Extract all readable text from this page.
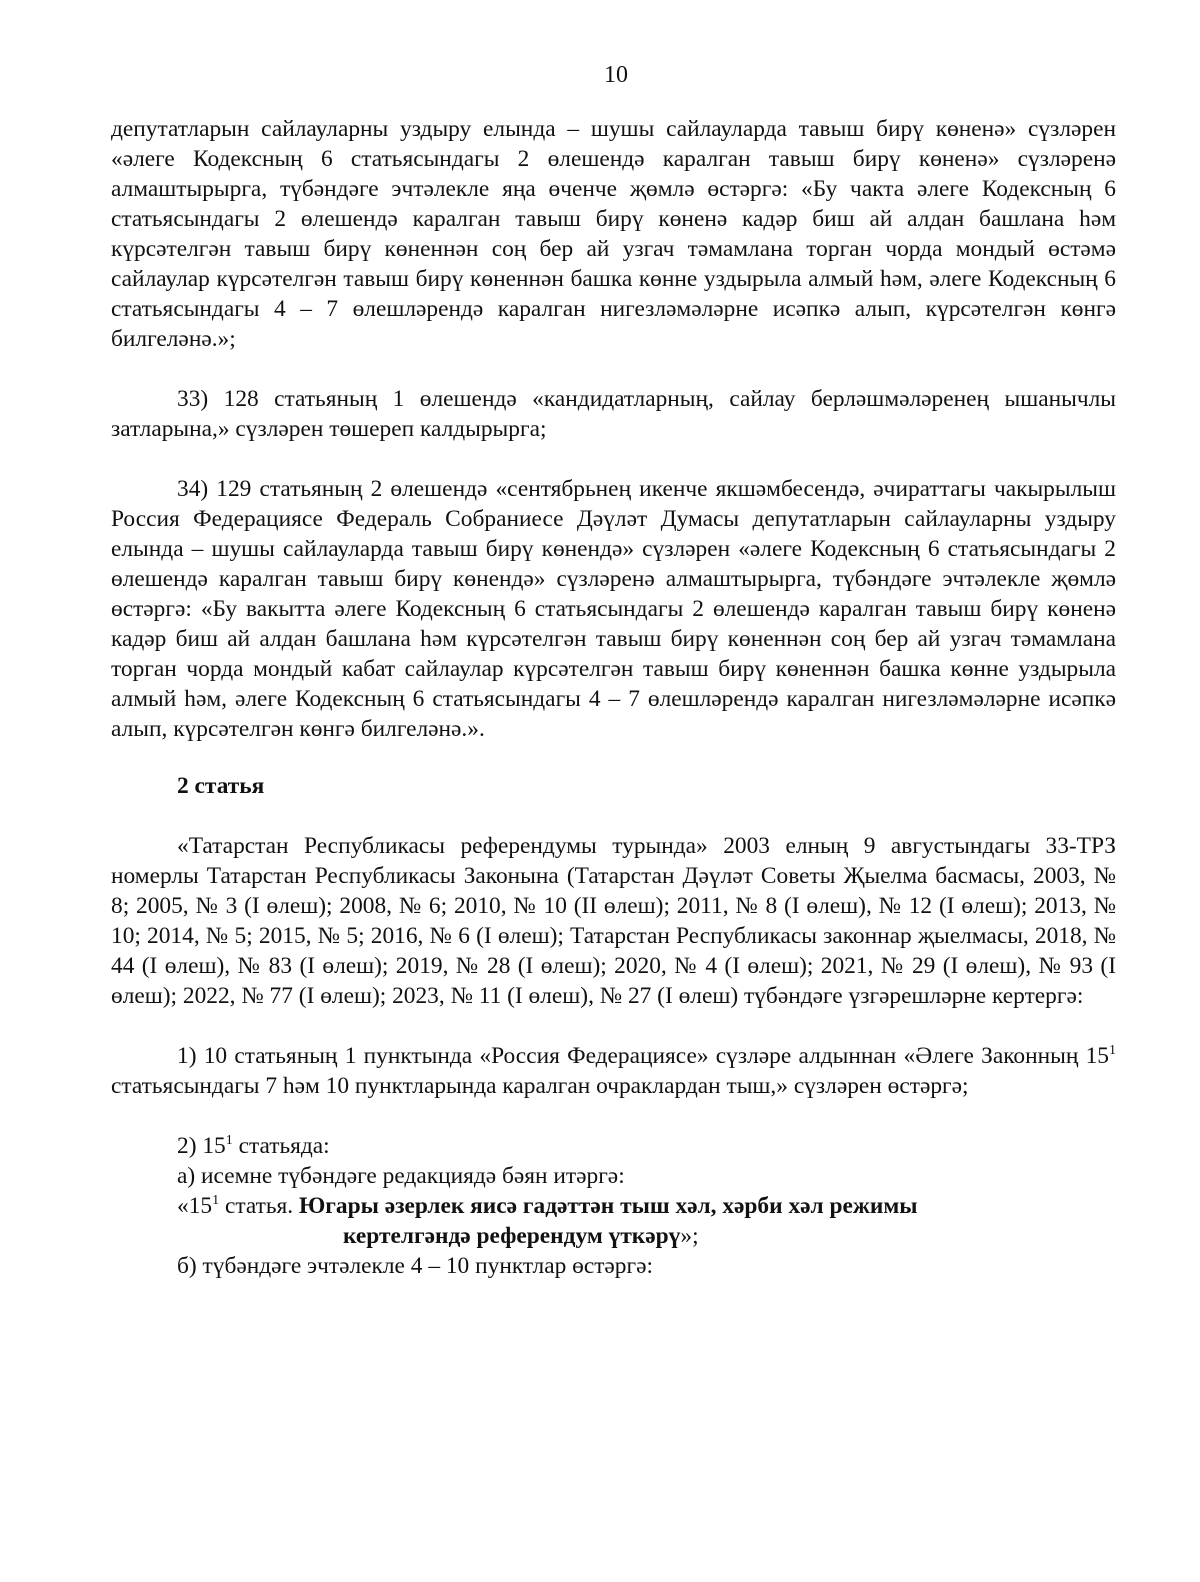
10

депутатларын сайлауларны уздыру елында – шушы сайлауларда тавыш бирү көненә» сүзләрен «әлеге Кодексның 6 статьясындагы 2 өлешендә каралган тавыш бирү көненә» сүзләренә алмаштырырга, түбәндәге эчтәлекле яңа өченче җөмлә өстәргә: «Бу чакта әлеге Кодексның 6 статьясындагы 2 өлешендә каралган тавыш бирү көненә кадәр биш ай алдан башлана һәм күрсәтелгән тавыш бирү көненнән соң бер ай узгач тәмамлана торган чорда мондый өстәмә сайлаулар күрсәтелгән тавыш бирү көненнән башка көнне уздырыла алмый һәм, әлеге Кодексның 6 статьясындагы 4 – 7 өлешләрендә каралган нигезләмәләрне исәпкә алып, күрсәтелгән көнгә билгеләнә.»;

33) 128 статьяның 1 өлешендә «кандидатларның, сайлау берләшмәләренең ышанычлы затларына,» сүзләрен төшереп калдырырга;

34) 129 статьяның 2 өлешендә «сентябрьнең икенче якшәмбесендә, әчираттагы чакырылыш Россия Федерациясе Федераль Собраниесе Дәүләт Думасы депутатларын сайлауларны уздыру елында – шушы сайлауларда тавыш бирү көнендә» сүзләрен «әлеге Кодексның 6 статьясындагы 2 өлешендә каралган тавыш бирү көнендә» сүзләренә алмаштырырга, түбәндәге эчтәлекле җөмлә өстәргә: «Бу вакытта әлеге Кодексның 6 статьясындагы 2 өлешендә каралган тавыш бирү көненә кадәр биш ай алдан башлана һәм күрсәтелгән тавыш бирү көненнән соң бер ай узгач тәмамлана торган чорда мондый кабат сайлаулар күрсәтелгән тавыш бирү көненнән башка көнне уздырыла алмый һәм, әлеге Кодексның 6 статьясындагы 4 – 7 өлешләрендә каралган нигезләмәләрне исәпкә алып, күрсәтелгән көнгә билгеләнә.».

2 статья

«Татарстан Республикасы референдумы турында» 2003 елның 9 августындагы 33-ТРЗ номерлы Татарстан Республикасы Законына (Татарстан Дәүләт Советы Җыелма басмасы, 2003, № 8; 2005, № 3 (I өлеш); 2008, № 6; 2010, № 10 (II өлеш); 2011, № 8 (I өлеш), № 12 (I өлеш); 2013, № 10; 2014, № 5; 2015, № 5; 2016, № 6 (I өлеш); Татарстан Республикасы законнар җыелмасы, 2018, № 44 (I өлеш), № 83 (I өлеш); 2019, № 28 (I өлеш); 2020, № 4 (I өлеш); 2021, № 29 (I өлеш), № 93 (I өлеш); 2022, № 77 (I өлеш); 2023, № 11 (I өлеш), № 27 (I өлеш) түбәндәге үзгәрешләрне кертергә:

1) 10 статьяның 1 пунктында «Россия Федерациясе» сүзләре алдыннан «Әлеге Законның $15^1$ статьясындагы 7 һәм 10 пунктларында каралган очраклардан тыш,» сүзләрен өстәргә;

2) $15^1$ статьяда:

а) исемне түбәндәге редакциядә бәян итәргә:

«$15^1$ статья. Югары әзерлек яисә гадәттән тыш хәл, хәрби хәл режимы
кертелгәндә референдум үткәрү»;

б) түбәндәге эчтәлекле 4 – 10 пунктлар өстәргә:
